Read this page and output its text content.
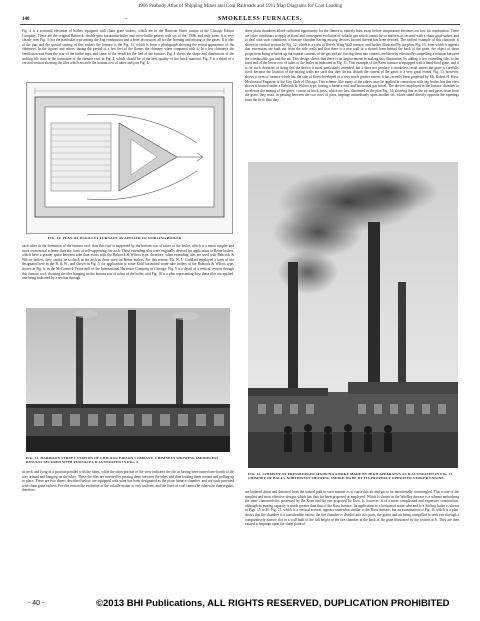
1906 Peabody Atlas of Shipping Mines and Coal Railroads and 1911 Map Diagrams for Coal Loading
140	-	SMOKELESS FURNACES.
Fig. 4 is a sectional elevation of boilers equipped with chain grate stokers, which are in the Harrison Street station of the Chicago Edison Company. These are the original Babcock, double-pass horizontal-boiler and cross-baffle pattern with six of the, 1908, and only form. It is very clearly seen Fig. 4 (for the particular type among the Eng combustion and a brief discussion, all for the forming and mixing of the gases. It is also of the pair and the special seating of this stokers the furnace is the Fig. 11, which is from a photograph showing the round appearance of the chimneys. In the figures and others, during the period of a few feet of the flames the chimney when compared with it. In a few chimneys the ventilation was from the rear of the boiler tops, and some of the result for the fuel of the furnace. Fig. 4 shows the shape and dimensions of the arching tile used in the formation of the furnace roof in Fig. 4, which should be of the best quality of fire brick material. Fig. 5 is a detail of a vertical section showing the tiles which encircle the bottom row of tubes and join Fig. 4.
FIG. 10. PLAN OF WOOLLEY FURNACE AS APPLIED TO STIRLING BOILER.
each other in the formation of the furnace roof, thus this roof is supported by the bottom row of tubes of the boiler, which is a much simpler and more economical scheme than any form of self-supporting fire arch. These extending tiles were originally devised for application to Heine boilers, which have a greater space between tube than exists with the Babcock & Wilcox type, therefore, when extending tiles are used with Babcock & Wilcox boilers, they cannot be so thick in the arch as those used for Heine boilers. For this reason, Mr. W. L. Goddard employed a form of tile designated here as the B. & W., and shown in Fig. 5, for application to some Kohl horizontal water-tube boilers of the Babcock & Wilcox type, shown in Fig. 6, in the McCormick Twine mill of the International Harvester Company in Chicago. Fig. 5 is a detail of a vertical section through this furnace roof, showing the tiles hanging on the bottom row of tubes of the boiler, and Fig. 10 is a plan representing how these tiles are applied, one being indicated by a section through
FIG. 11. HARRISON STREET STATION OF CHICAGO EDISON COMPANY. CHIMNEYS SHOWING SMOKELESS RESULTS SECURED WITH FURNACES ILLUSTRATED IN FIG. 4.
its neck and lying in a position parallel with the tubes, while the other portion of the view indicates the tile as having been turned one-fourth of the way around and hanging on the tubes. These the tiles are inserted by passing them between the tubes and then locking them around and pulling up in place. There are two sheets described below, are equipped with what has been designated as the plain furnace chamber, and are each provided with chain grate stokers. For this reason the evolution of the volatile matter is very uniform, and the fixed of coal cannot be otherwise than regular, therefore
these plain chambers afford sufficient opportunity for the flames to entirely burn away before temperature becomes too low for combustion. There are other conditions to apply at fixed and consequent evolution of volatile gas which cannot be so uniform as secured with a chain grate stoker, and to deal with such conditions, a furnace chamber having mixing devices located therein has been devised. The earliest example of this character is shown in vertical section by Fig. 12, which is a view of Keen's Wing Wall furnace, and further illustrated by the plan, Fig. 13, from which it appears that extensions are built out from the side walls and that there is a rear wall of a slotted form behind the back of the grate, the object of these projections being to break up the natural currents of the gas and air, forcing them into contact, and thereby effectually compelling a relation between the combustible gas and the air. This design shows that there is an improvement in making this illustration, by adding a few extending tiles to the front end of the lower row of tubes of the boiler as indicated in Fig. 11. This example of the Keen furnace is equipped with a hand-fired grate, and it is for such character of firing that the device is most particularly intended, but it does not produce a smokeless result unless the grate is carefully fired, because the location of the mixing walls are such that they do not disturb the current of the gases to a very great extent. Fig. 13, however, shows a form of furnace which has the side of Keen developed to a very much greater extent; it has recently been proposed by Mr. Robert H. Kuss, Mechanical Engineer of the City Club of Chicago. This scheme, like many of the others, may be applied in connection with any boiler, but this view shows it located under a Babcock & Wilcox type, having a furnace roof and horizontal gas travel. The devices employed in the furnace chamber to accelerate the mixing of the gases, consist of brick piers, which are best illustrated in the plan Fig. 14, showing that as the air and gases issue from the grate, they must, in passing between the two rows of piers, impinge immediately upon another set, which stand directly opposite the openings from the first; thus they
FIG. 12. CHIMNEY OF PRESSBURGER SHOWING SMOKE MADE BY HIGH APPARATUS AS ILLUSTRATED IN FIG. 11. CHIMNEY OF BALLS-NORTHWEST SHOWING SMOKE MADE BY ITS PROPERLY OPERATED STOKER ENGINE.
are battered about and distorted from the natural path in such manner as to cause this air and gas to be intentionally commingled. This is one of the simplest and most effective designs which has thus far been proposed or employed. Which is shown as the Woolley furnace is a scheme embodying the same characteristics possessed by the Keen and the one proposed by Kuss. It, however, is of a more complicated and expensive construction, although its mixing capacity is much greater than that of the Kuss furnace. Its application to a horizontal water tube and to a Stirling boiler is shown in Figs. 15 to 20. Fig. 15, which is a vertical section, appears somewhat similar to the Kuss furnace, but an examination of Fig. 16 which is a plan, shows that the chamber is a considerable extent; the fire chamber is divided into two parts, the grates and air being compelled to seek exit through a comparatively narrow slot in a wall built to the full height of the fire chamber at the back of the grate illustrated by the section at A. They are then caused to impinge upon the sharp point of
- 40 -	©2013 BHI Publications, ALL RIGHTS RESERVED, DUPLICATION PROHIBITED
